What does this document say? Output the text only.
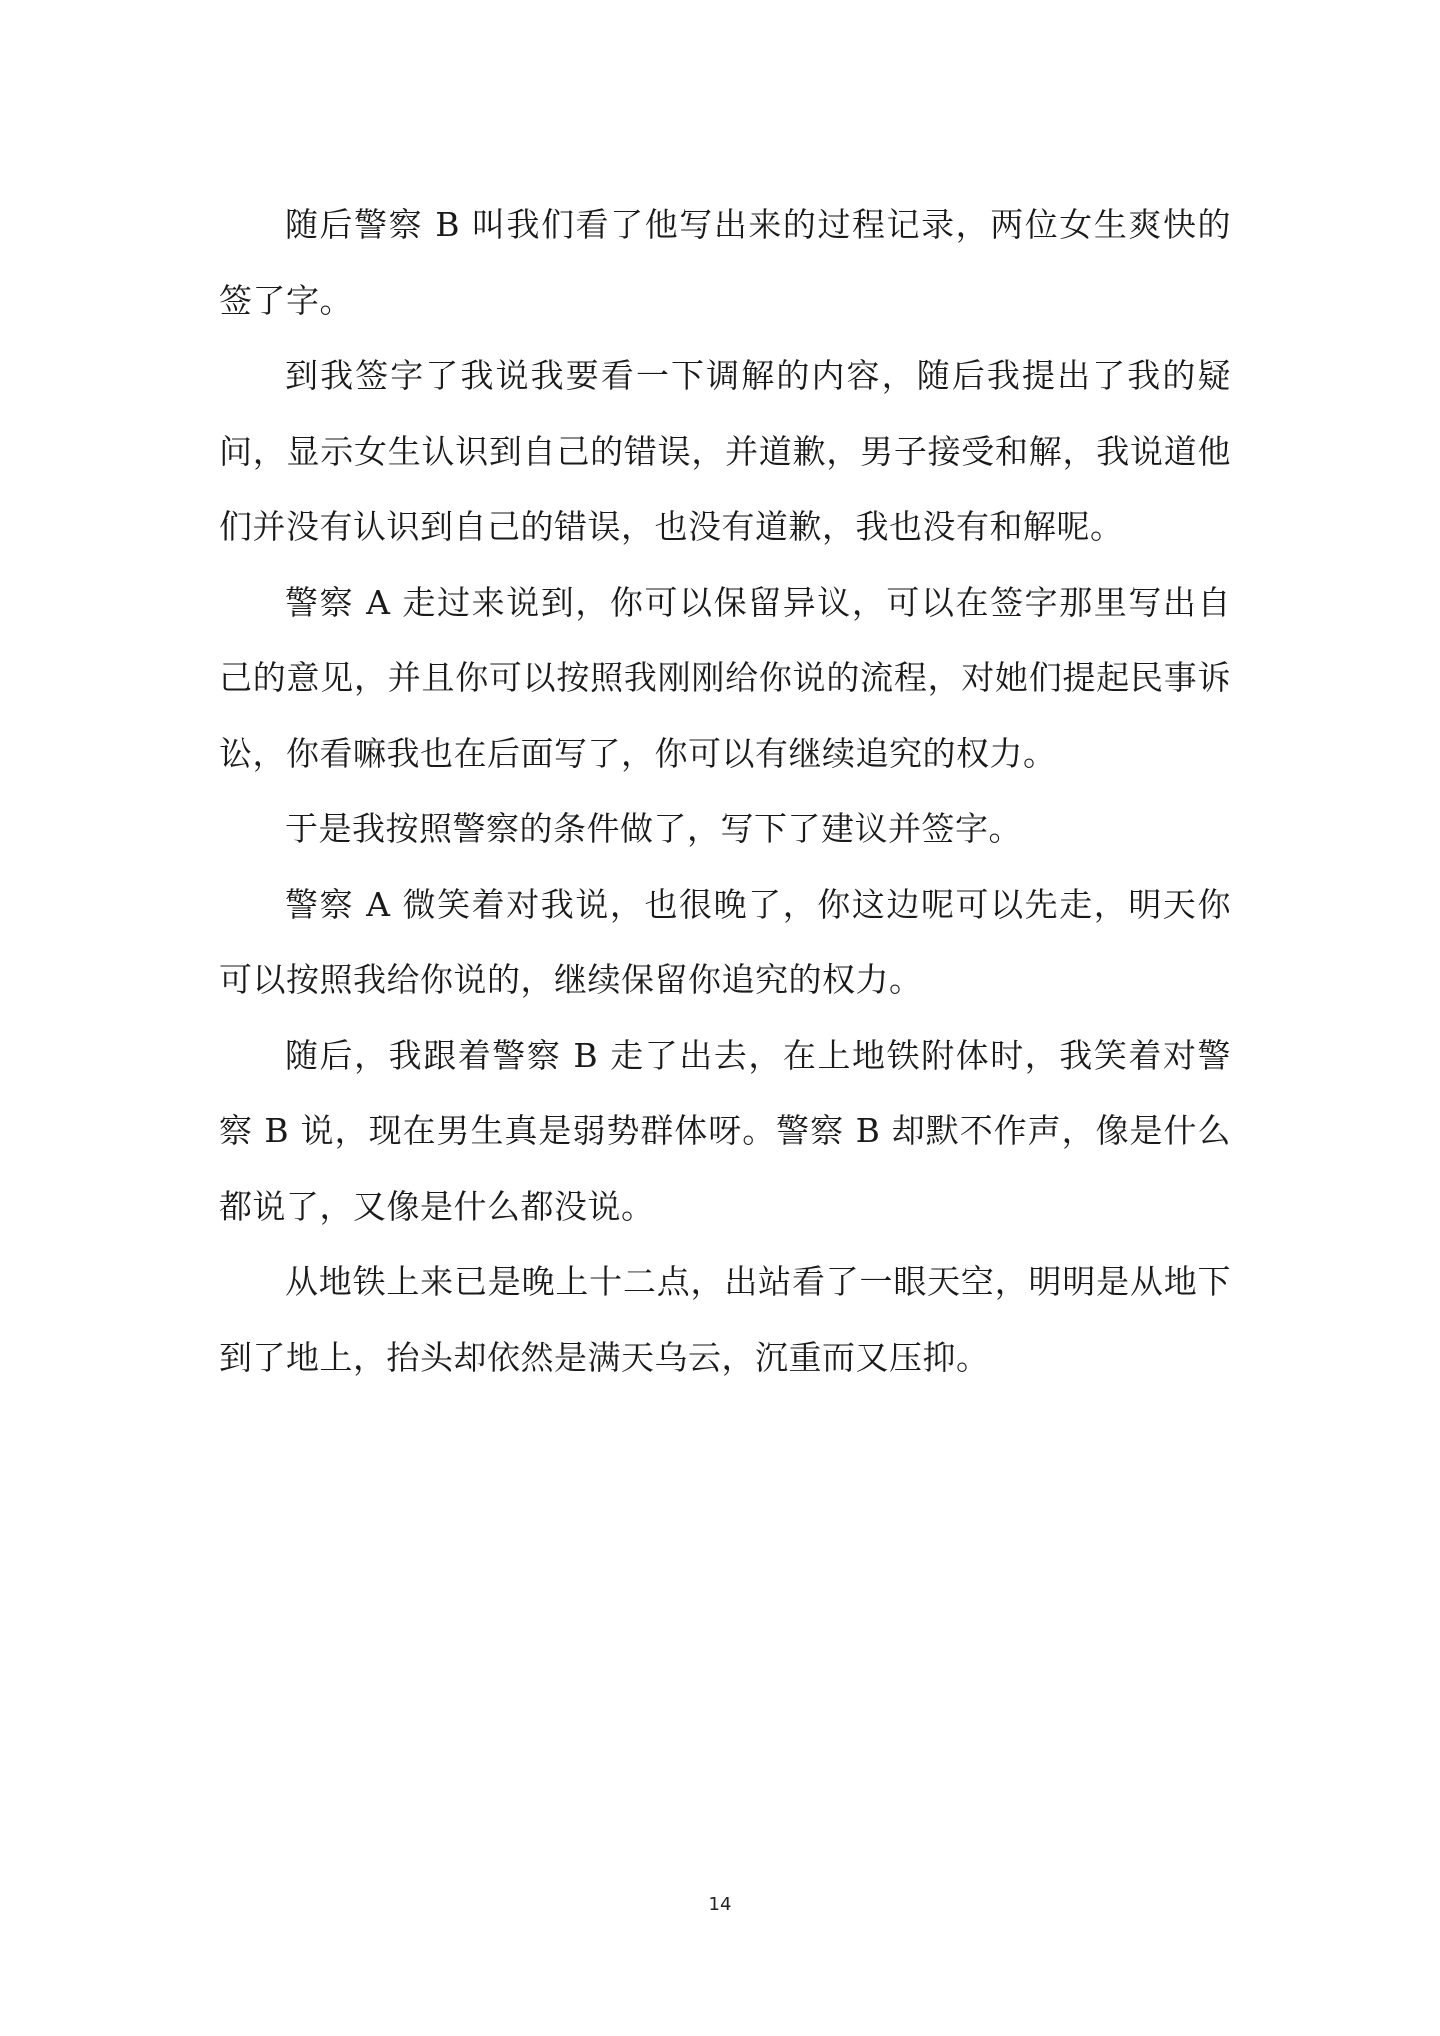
随后警察 B 叫我们看了他写出来的过程记录，两位女生爽快的签了字。

到我签字了我说我要看一下调解的内容，随后我提出了我的疑问，显示女生认识到自己的错误，并道歉，男子接受和解，我说道他们并没有认识到自己的错误，也没有道歉，我也没有和解呢。

警察 A 走过来说到，你可以保留异议，可以在签字那里写出自己的意见，并且你可以按照我刚刚给你说的流程，对她们提起民事诉讼，你看嘛我也在后面写了，你可以有继续追究的权力。

于是我按照警察的条件做了，写下了建议并签字。

警察 A 微笑着对我说，也很晚了，你这边呢可以先走，明天你可以按照我给你说的，继续保留你追究的权力。

随后，我跟着警察 B 走了出去，在上地铁附体时，我笑着对警察 B 说，现在男生真是弱势群体呀。警察 B 却默不作声，像是什么都说了，又像是什么都没说。

从地铁上来已是晚上十二点，出站看了一眼天空，明明是从地下到了地上，抬头却依然是满天乌云，沉重而又压抑。

14
